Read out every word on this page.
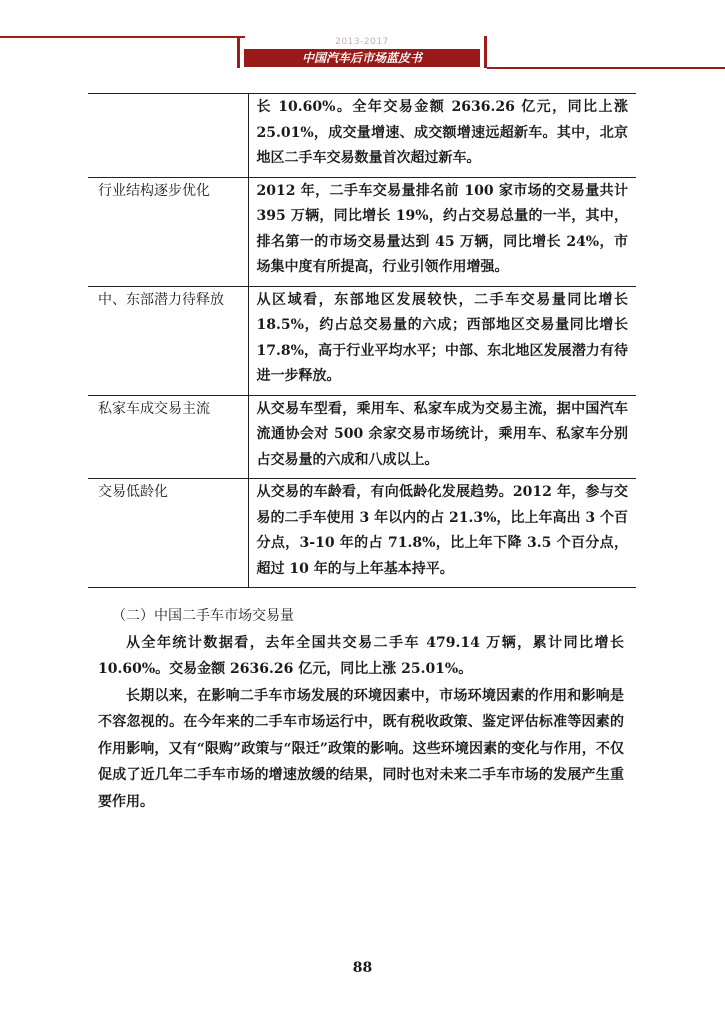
2013-2017
中国汽车后市场蓝皮书
	长 10.60%。全年交易金额 2636.26 亿元，同比上涨 25.01%，成交量增速、成交额增速远超新车。其中，北京地区二手车交易数量首次超过新车。
行业结构逐步优化	2012 年，二手车交易量排名前 100 家市场的交易量共计 395 万辆，同比增长 19%，约占交易总量的一半，其中，排名第一的市场交易量达到 45 万辆，同比增长 24%，市场集中度有所提高，行业引领作用增强。
中、东部潜力待释放	从区域看，东部地区发展较快，二手车交易量同比增长 18.5%，约占总交易量的六成；西部地区交易量同比增长 17.8%，高于行业平均水平；中部、东北地区发展潜力有待进一步释放。
私家车成交易主流	从交易车型看，乘用车、私家车成为交易主流，据中国汽车流通协会对 500 余家交易市场统计，乘用车、私家车分别占交易量的六成和八成以上。
交易低龄化	从交易的车龄看，有向低龄化发展趋势。2012 年，参与交易的二手车使用 3 年以内的占 21.3%，比上年高出 3 个百分点，3-10 年的占 71.8%，比上年下降 3.5 个百分点，超过 10 年的与上年基本持平。

（二）中国二手车市场交易量

从全年统计数据看，去年全国共交易二手车 479.14 万辆，累计同比增长 10.60%。交易金额 2636.26 亿元，同比上涨 25.01%。

长期以来，在影响二手车市场发展的环境因素中，市场环境因素的作用和影响是不容忽视的。在今年来的二手车市场运行中，既有税收政策、鉴定评估标准等因素的作用影响，又有“限购”政策与“限迁”政策的影响。这些环境因素的变化与作用，不仅促成了近几年二手车市场的增速放缓的结果，同时也对未来二手车市场的发展产生重要作用。

88
